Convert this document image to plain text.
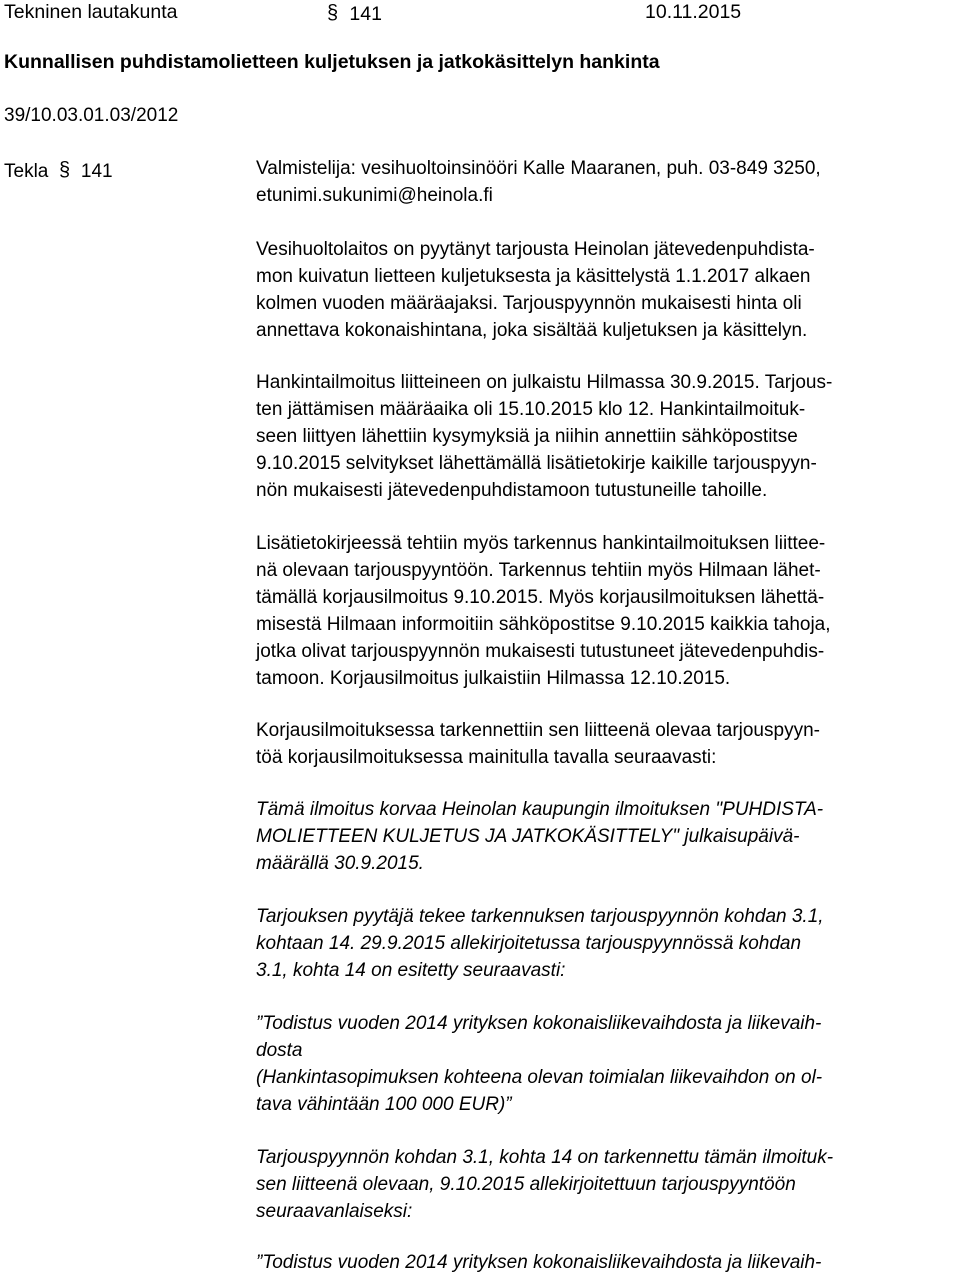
Tekninen lautakunta	§ 141	10.11.2015
Kunnallisen puhdistamolietteen kuljetuksen ja jatkokäsittelyn hankinta
39/10.03.01.03/2012
Tekla § 141	Valmistelija: vesihuoltoinsinööri Kalle Maaranen, puh. 03-849 3250,
etunimi.sukunimi@heinola.fi
Vesihuoltolaitos on pyytänyt tarjousta Heinolan jätevedenpuhdista-
mon kuivatun lietteen kuljetuksesta ja käsittelystä 1.1.2017 alkaen
kolmen vuoden määräajaksi. Tarjouspyynnön mukaisesti hinta oli
annettava kokonaishintana, joka sisältää kuljetuksen ja käsittelyn.
Hankintailmoitus liitteineen on julkaistu Hilmassa 30.9.2015. Tarjous-
ten jättämisen määräaika oli 15.10.2015 klo 12. Hankintailmoituk-
seen liittyen lähettiin kysymyksiä ja niihin annettiin sähköpostitse
9.10.2015 selvitykset lähettämällä lisätietokirje kaikille tarjouspyyn-
nön mukaisesti jätevedenpuhdistamoon tutustuneille tahoille.
Lisätietokirjeessä tehtiin myös tarkennus hankintailmoituksen liittee-
nä olevaan tarjouspyyntöön. Tarkennus tehtiin myös Hilmaan lähet-
tämällä korjausilmoitus 9.10.2015. Myös korjausilmoituksen lähettä-
misestä Hilmaan informoitiin sähköpostitse 9.10.2015 kaikkia tahoja,
jotka olivat tarjouspyynnön mukaisesti tutustuneet jätevedenpuhdis-
tamoon. Korjausilmoitus julkaistiin Hilmassa 12.10.2015.
Korjausilmoituksessa tarkennettiin sen liitteenä olevaa tarjouspyyn-
töä korjausilmoituksessa mainitulla tavalla seuraavasti:
Tämä ilmoitus korvaa Heinolan kaupungin ilmoituksen "PUHDISTA-
MOLIETTEEN KULJETUS JA JATKOKÄSITTELY" julkaisupäivä-
määrällä 30.9.2015.
Tarjouksen pyytäjä tekee tarkennuksen tarjouspyynnön kohdan 3.1,
kohtaan 14. 29.9.2015 allekirjoitetussa tarjouspyynnössä kohdan
3.1, kohta 14 on esitetty seuraavasti:
”Todistus vuoden 2014 yrityksen kokonaisliikevaihdosta ja liikevaih-
dosta
(Hankintasopimuksen kohteena olevan toimialan liikevaihdon on ol-
tava vähintään 100 000 EUR)”
Tarjouspyynnön kohdan 3.1, kohta 14 on tarkennettu tämän ilmoituk-
sen liitteenä olevaan, 9.10.2015 allekirjoitettuun tarjouspyyntöön
seuraavanlaiseksi:
”Todistus vuoden 2014 yrityksen kokonaisliikevaihdosta ja liikevaih-
